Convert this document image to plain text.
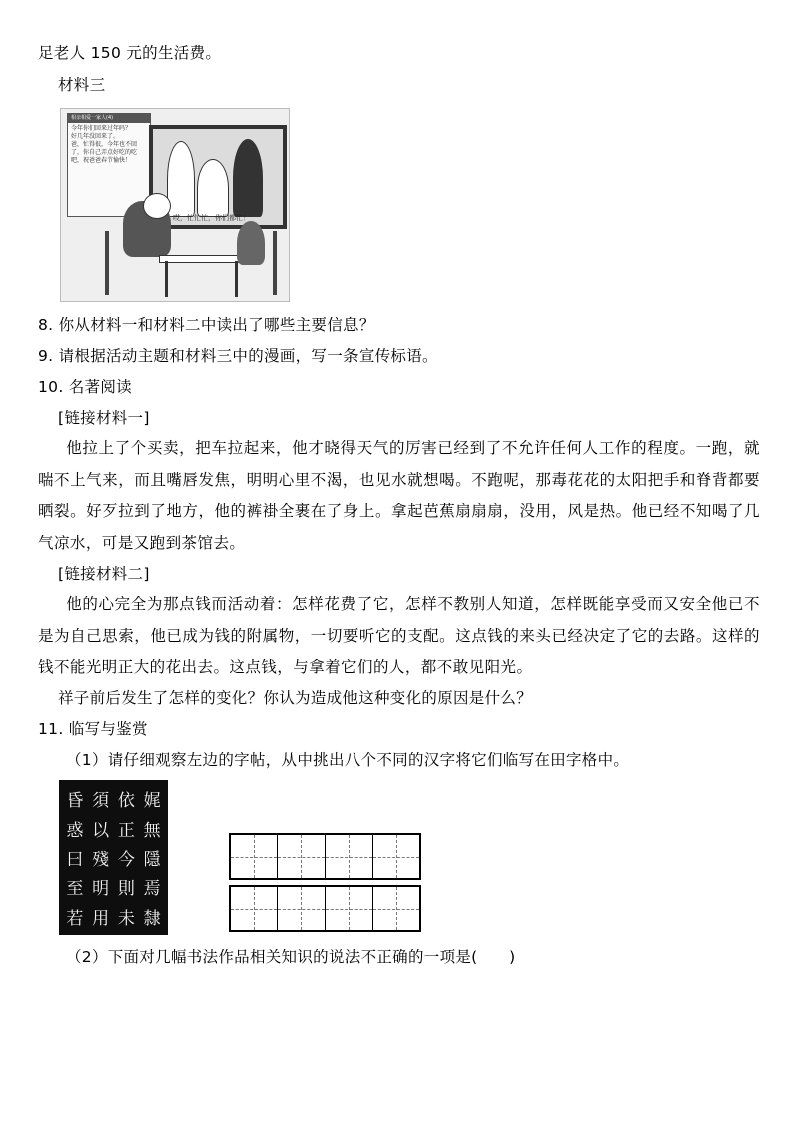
足老人 150 元的生活费。
材料三
相亲相爱一家人(4)
今年你们回来过年吗？
好几年没回来了。
爸，忙得很，今年也不回了，你自己弄点好吃的吃吧，祝爸爸春节愉快！
哎，忙忙忙，你们都忙！
8. 你从材料一和材料二中读出了哪些主要信息？
9. 请根据活动主题和材料三中的漫画，写一条宣传标语。
10. 名著阅读
[链接材料一]
他拉上了个买卖，把车拉起来，他才晓得天气的厉害已经到了不允许任何人工作的程度。一跑，就喘不上气来，而且嘴唇发焦，明明心里不渴，也见水就想喝。不跑呢，那毒花花的太阳把手和脊背都要晒裂。好歹拉到了地方，他的裤褂全裹在了身上。拿起芭蕉扇扇扇，没用，风是热。他已经不知喝了几气凉水，可是又跑到茶馆去。
[链接材料二]
他的心完全为那点钱而活动着：怎样花费了它，怎样不教别人知道，怎样既能享受而又安全他已不是为自己思索，他已成为钱的附属物，一切要听它的支配。这点钱的来头已经决定了它的去路。这样的钱不能光明正大的花出去。这点钱，与拿着它们的人，都不敢见阳光。
祥子前后发生了怎样的变化？你认为造成他这种变化的原因是什么？
11. 临写与鉴赏
（1）请仔细观察左边的字帖，从中挑出八个不同的汉字将它们临写在田字格中。
昏 須 依 娓
惑 以 正 無
曰 殘 今 隱
至 明 則 焉
若 用 未 隸
（2）下面对几幅书法作品相关知识的说法不正确的一项是(　　)
